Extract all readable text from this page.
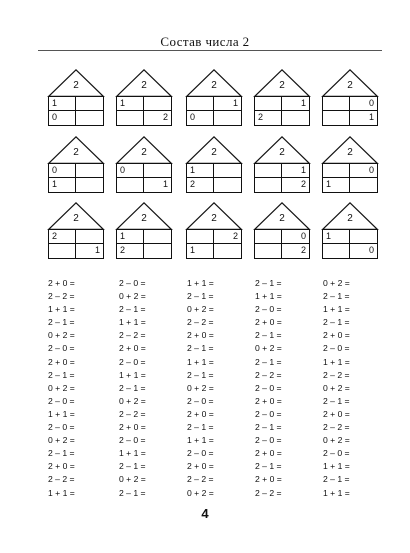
Состав числа 2
2
1
0
2
1
2
2
1
0
2
1
2
2
0
1
2
0
1
2
0
1
2
1
2
2
1
2
2
0
1
2
2
1
2
1
2
2
2
1
2
0
2
2
1
0
2 + 0 =
2 – 2 =
1 + 1 =
2 – 1 =
0 + 2 =
2 – 0 =
2 + 0 =
2 – 1 =
0 + 2 =
2 – 0 =
1 + 1 =
2 – 0 =
0 + 2 =
2 – 1 =
2 + 0 =
2 – 2 =
1 + 1 =
2 – 0 =
0 + 2 =
2 – 1 =
1 + 1 =
2 – 2 =
2 + 0 =
2 – 0 =
1 + 1 =
2 – 1 =
0 + 2 =
2 – 2 =
2 + 0 =
2 – 0 =
1 + 1 =
2 – 1 =
0 + 2 =
2 – 1 =
1 + 1 =
2 – 1 =
0 + 2 =
2 – 2 =
2 + 0 =
2 – 1 =
1 + 1 =
2 – 1 =
0 + 2 =
2 – 0 =
2 + 0 =
2 – 1 =
1 + 1 =
2 – 0 =
2 + 0 =
2 – 2 =
0 + 2 =
2 – 1 =
1 + 1 =
2 – 0 =
2 + 0 =
2 – 1 =
0 + 2 =
2 – 1 =
2 – 2 =
2 – 0 =
2 + 0 =
2 – 0 =
2 – 1 =
2 – 0 =
2 + 0 =
2 – 1 =
2 + 0 =
2 – 2 =
0 + 2 =
2 – 1 =
1 + 1 =
2 – 1 =
2 + 0 =
2 – 0 =
1 + 1 =
2 – 2 =
0 + 2 =
2 – 1 =
2 + 0 =
2 – 2 =
0 + 2 =
2 – 0 =
1 + 1 =
2 – 1 =
1 + 1 =
4
